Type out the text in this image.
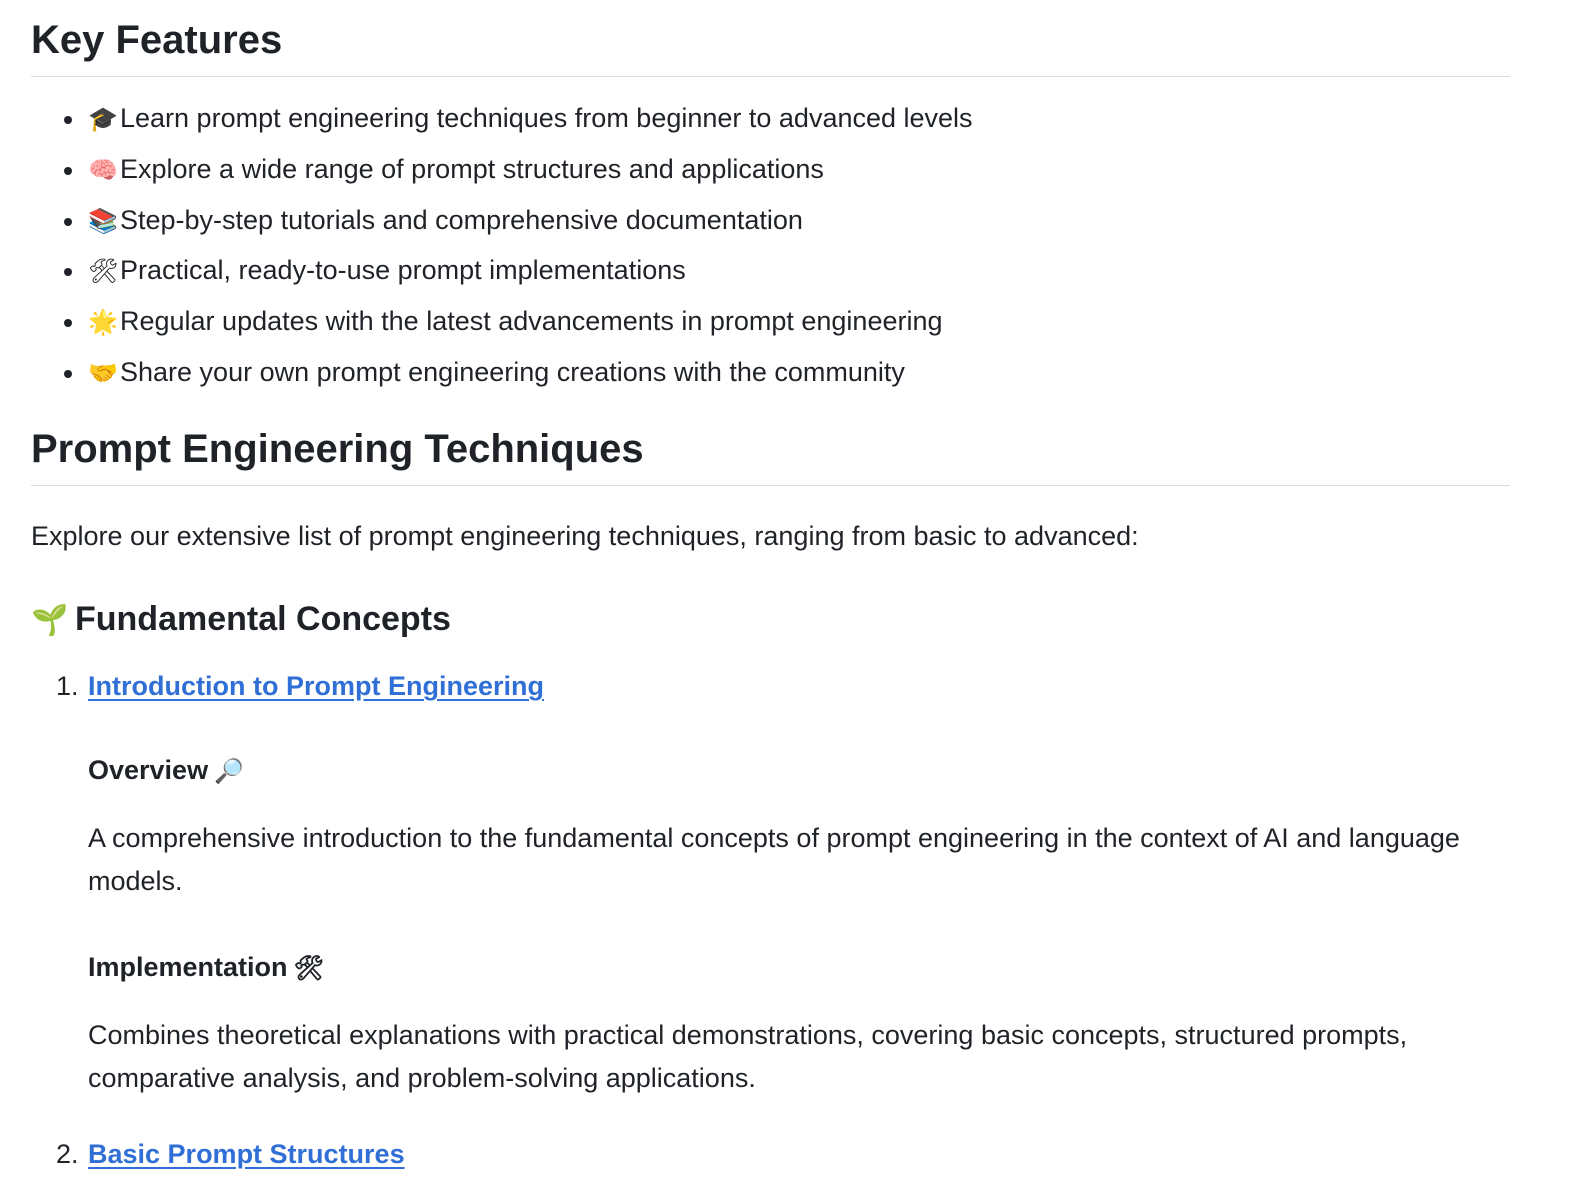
Key Features
🎓Learn prompt engineering techniques from beginner to advanced levels
🧠Explore a wide range of prompt structures and applications
📚Step-by-step tutorials and comprehensive documentation
🛠Practical, ready-to-use prompt implementations
🌟Regular updates with the latest advancements in prompt engineering
🤝Share your own prompt engineering creations with the community
Prompt Engineering Techniques

Explore our extensive list of prompt engineering techniques, ranging from basic to advanced:

🌱 Fundamental Concepts
1. Introduction to Prompt Engineering
Overview 🔎

A comprehensive introduction to the fundamental concepts of prompt engineering in the context of AI and language models.

Implementation 🛠

Combines theoretical explanations with practical demonstrations, covering basic concepts, structured prompts, comparative analysis, and problem-solving applications.

2. Basic Prompt Structures
